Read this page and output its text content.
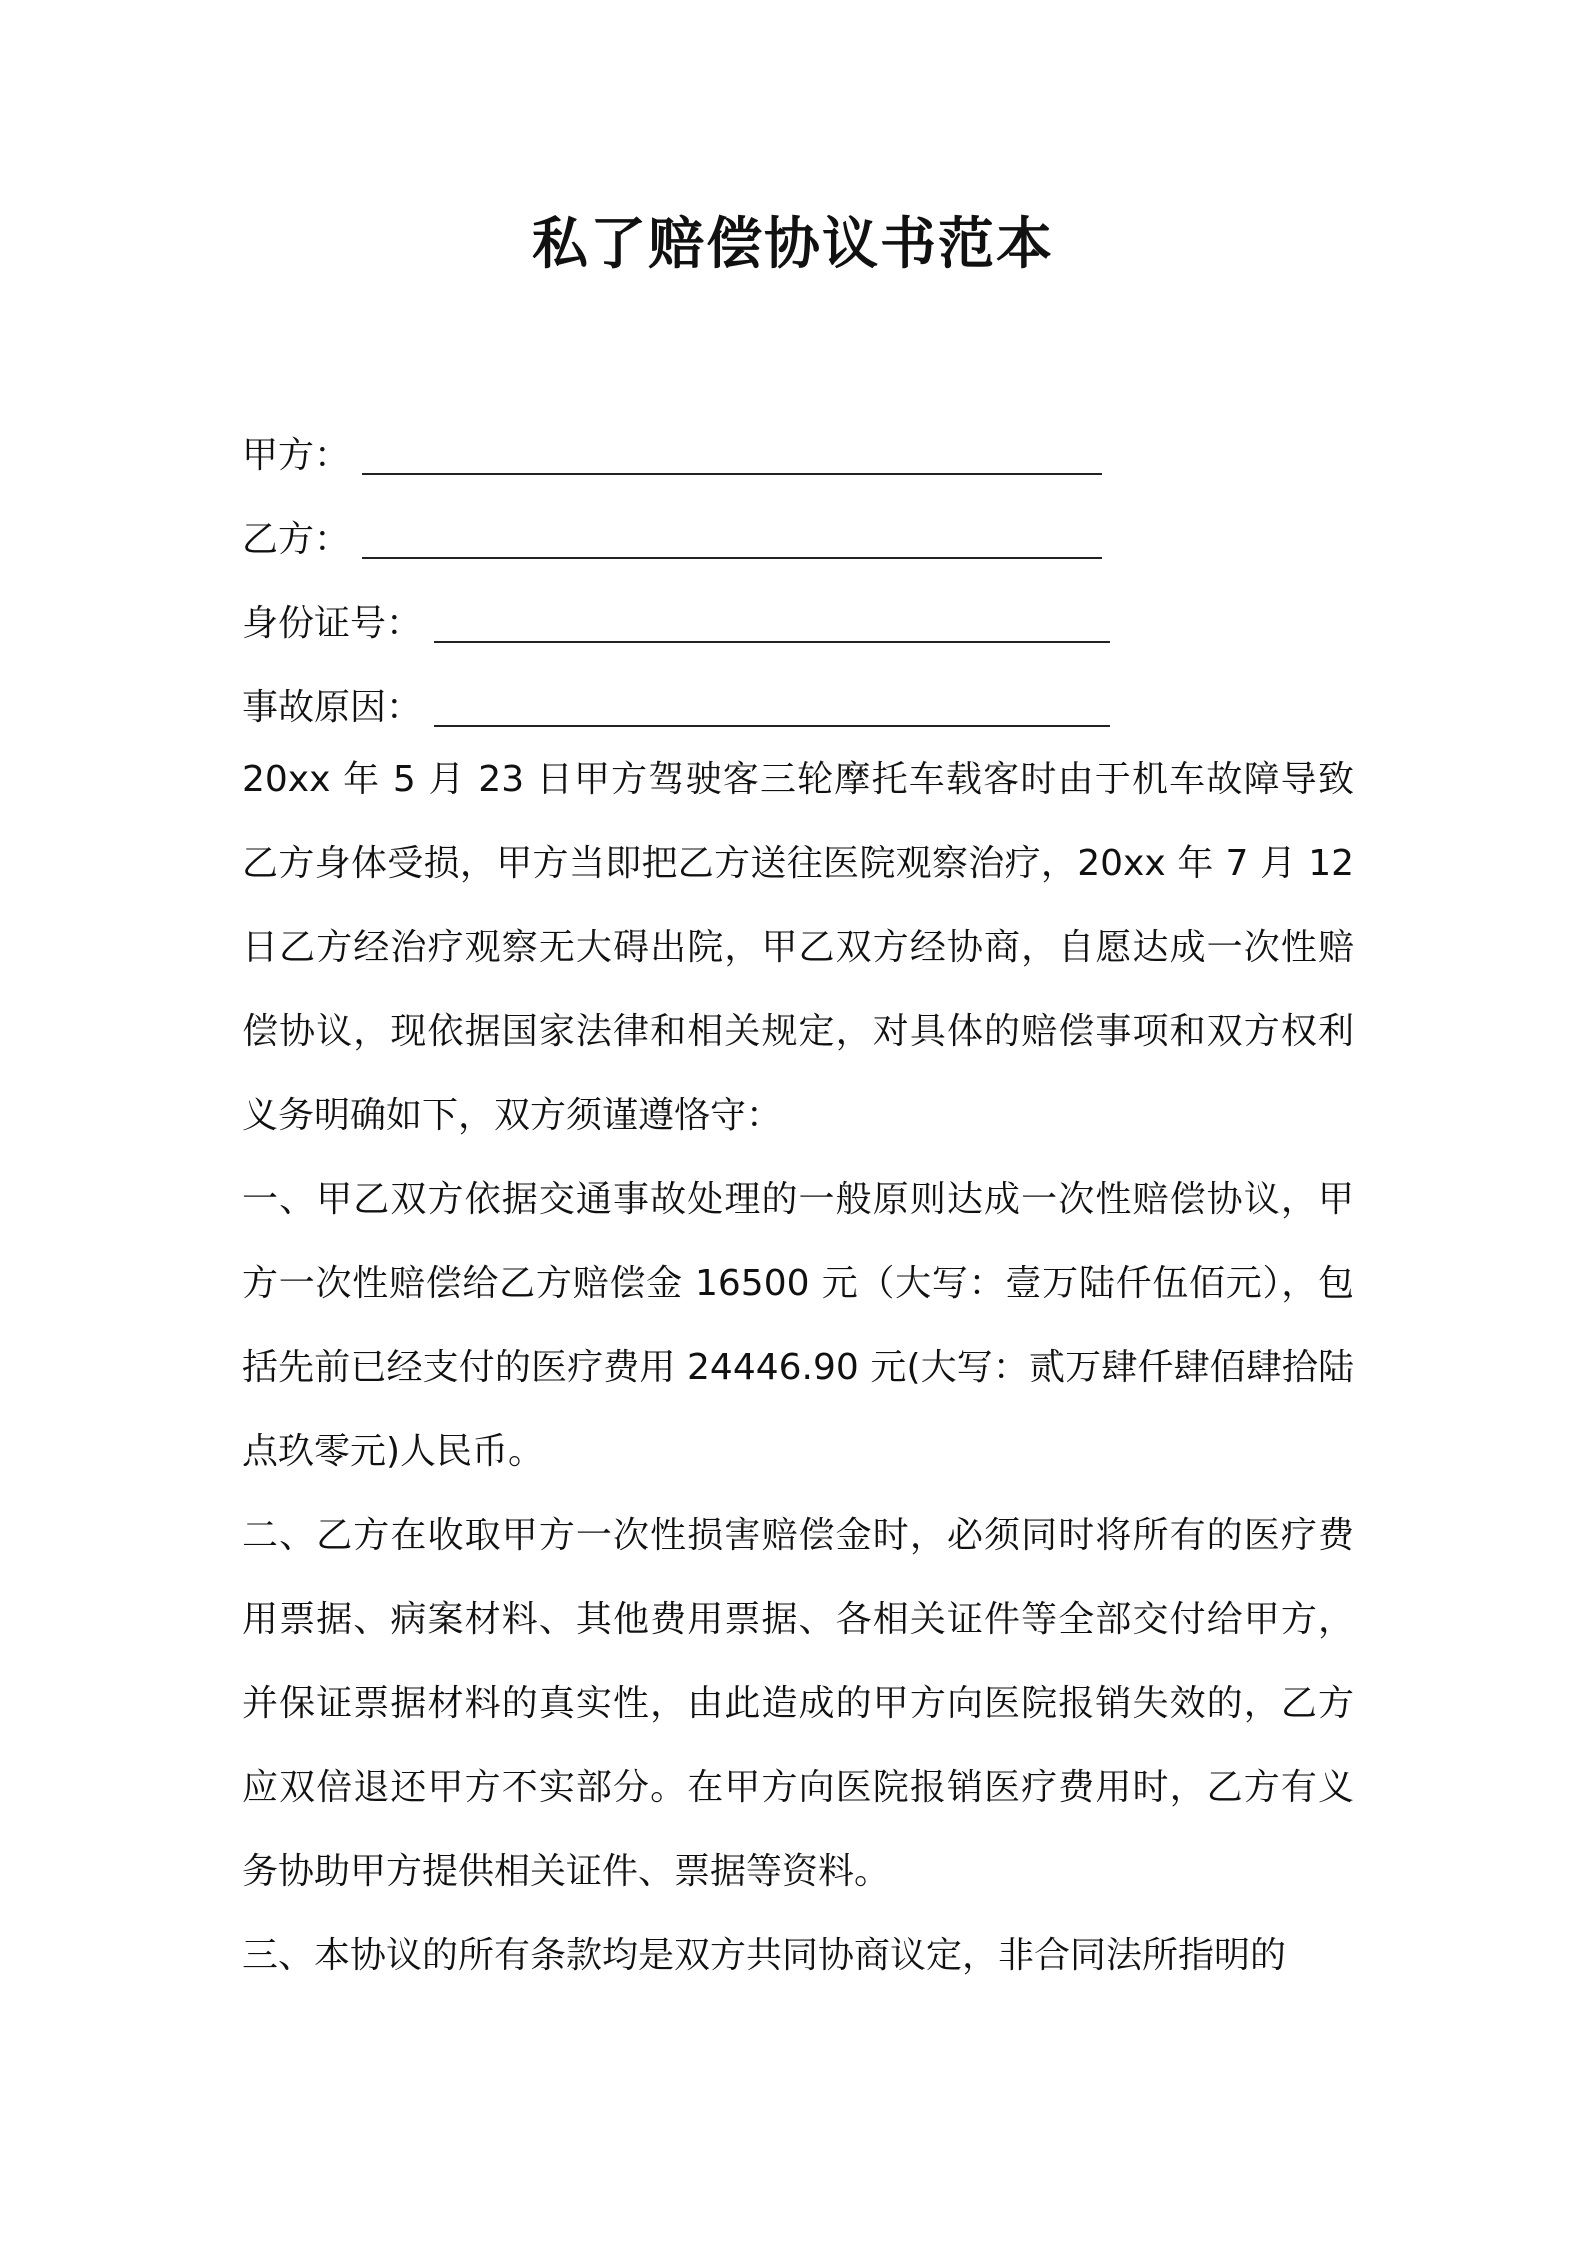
私了赔偿协议书范本
甲方：
乙方：
身份证号：
事故原因：

20xx 年 5 月 23 日甲方驾驶客三轮摩托车载客时由于机车故障导致乙方身体受损，甲方当即把乙方送往医院观察治疗，20xx 年 7 月 12 日乙方经治疗观察无大碍出院，甲乙双方经协商，自愿达成一次性赔偿协议，现依据国家法律和相关规定，对具体的赔偿事项和双方权利义务明确如下，双方须谨遵恪守：

一、甲乙双方依据交通事故处理的一般原则达成一次性赔偿协议，甲方一次性赔偿给乙方赔偿金 16500 元（大写：壹万陆仟伍佰元），包括先前已经支付的医疗费用 24446.90 元(大写：贰万肆仟肆佰肆拾陆点玖零元)人民币。

二、乙方在收取甲方一次性损害赔偿金时，必须同时将所有的医疗费用票据、病案材料、其他费用票据、各相关证件等全部交付给甲方，并保证票据材料的真实性，由此造成的甲方向医院报销失效的，乙方应双倍退还甲方不实部分。在甲方向医院报销医疗费用时，乙方有义务协助甲方提供相关证件、票据等资料。

三、本协议的所有条款均是双方共同协商议定，非合同法所指明的
